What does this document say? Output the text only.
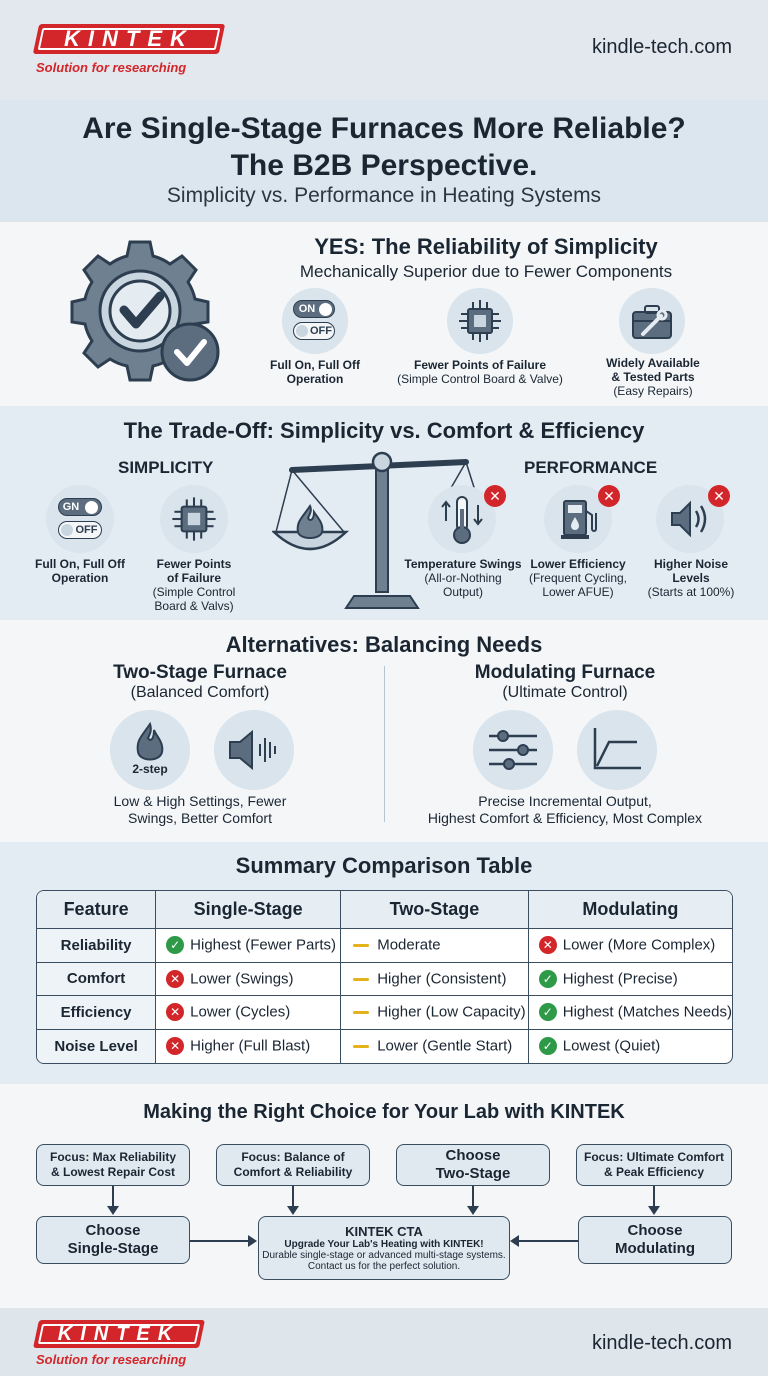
KINTEK
Solution for researching
kindle-tech.com
Are Single-Stage Furnaces More Reliable?
The B2B Perspective.
Simplicity vs. Performance in Heating Systems
YES: The Reliability of Simplicity
Mechanically Superior due to Fewer Components
ON
OFF
Full On, Full Off
Operation
Fewer Points of Failure
(Simple Control Board & Valve)
Widely Available
& Tested Parts
(Easy Repairs)
The Trade-Off: Simplicity vs. Comfort & Efficiency
SIMPLICITY	PERFORMANCE
GN
OFF
Full On, Full Off
Operation
Fewer Points
of Failure
(Simple Control
Board & Valvs)
✕
Temperature Swings
(All-or-Nothing
Output)
✕
Lower Efficiency
(Frequent Cycling,
Lower AFUE)
✕
Higher Noise
Levels
(Starts at 100%)
Alternatives: Balancing Needs
Two-Stage Furnace
(Balanced Comfort)
2-step
Low & High Settings, Fewer
Swings, Better Comfort
Modulating Furnace
(Ultimate Control)
Precise Incremental Output,
Highest Comfort & Efficiency, Most Complex
Summary Comparison Table
Feature	Single-Stage	Two-Stage	Modulating
Reliability	✓ Highest (Fewer Parts)	Moderate	✕ Lower (More Complex)
Comfort	✕ Lower (Swings)	Higher (Consistent)	✓ Highest (Precise)
Efficiency	✕ Lower (Cycles)	Higher (Low Capacity)	✓ Highest (Matches Needs)
Noise Level	✕ Higher (Full Blast)	Lower (Gentle Start)	✓ Lowest (Quiet)
Making the Right Choice for Your Lab with KINTEK
Focus: Max Reliability
& Lowest Repair Cost
Focus: Balance of
Comfort & Reliability
Choose
Two-Stage
Focus: Ultimate Comfort
& Peak Efficiency
Choose
Single-Stage
KINTEK CTA
Upgrade Your Lab's Heating with KINTEK!
Durable single-stage or advanced multi-stage systems.
Contact us for the perfect solution.
Choose
Modulating
KINTEK
Solution for researching
kindle-tech.com
